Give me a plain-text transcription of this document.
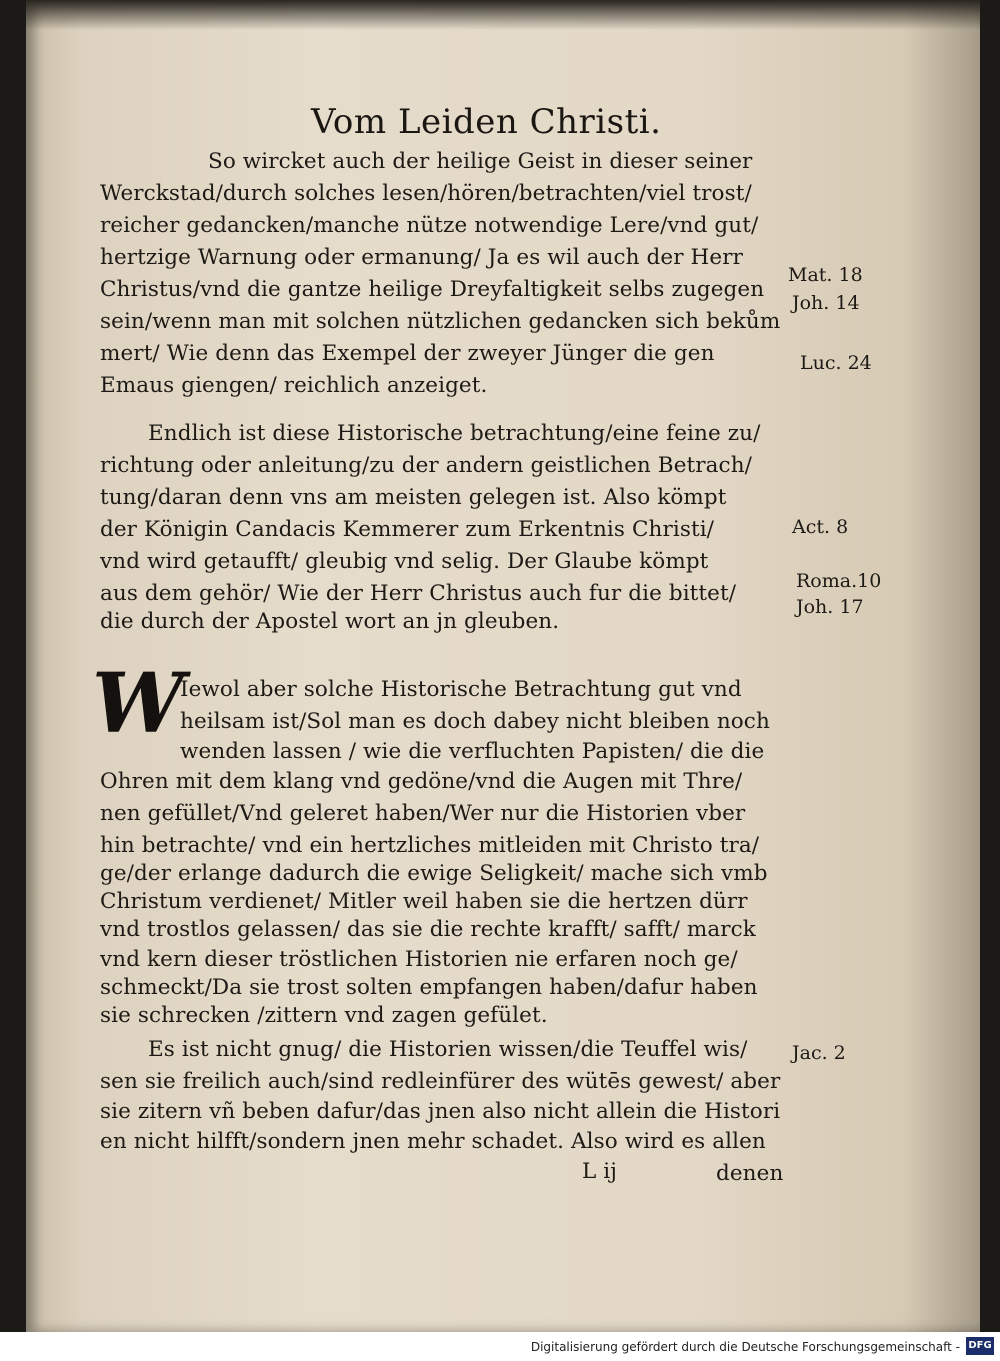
Vom Leiden Christi.
So wircket auch der heilige Geist in dieser seiner
Werckstad/durch solches lesen/hören/betrachten/viel trost/
reicher gedancken/manche nütze notwendige Lere/vnd gut/
hertzige Warnung oder ermanung/ Ja es wil auch der Herr
Christus/vnd die gantze heilige Dreyfaltigkeit selbs zugegen
sein/wenn man mit solchen nützlichen gedancken sich bekům
mert/ Wie denn das Exempel der zweyer Jünger die gen
Emaus giengen/ reichlich anzeiget.
Endlich ist diese Historische betrachtung/eine feine zu/
richtung oder anleitung/zu der andern geistlichen Betrach/
tung/daran denn vns am meisten gelegen ist. Also kömpt
der Königin Candacis Kemmerer zum Erkentnis Christi/
vnd wird getaufft/ gleubig vnd selig. Der Glaube kömpt
aus dem gehör/ Wie der Herr Christus auch fur die bittet/
die durch der Apostel wort an jn gleuben.
W
Iewol aber solche Historische Betrachtung gut vnd
heilsam ist/Sol man es doch dabey nicht bleiben noch
wenden lassen / wie die verfluchten Papisten/ die die
Ohren mit dem klang vnd gedöne/vnd die Augen mit Thre/
nen gefüllet/Vnd geleret haben/Wer nur die Historien vber
hin betrachte/ vnd ein hertzliches mitleiden mit Christo tra/
ge/der erlange dadurch die ewige Seligkeit/ mache sich vmb
Christum verdienet/ Mitler weil haben sie die hertzen dürr
vnd trostlos gelassen/ das sie die rechte krafft/ safft/ marck
vnd kern dieser tröstlichen Historien nie erfaren noch ge/
schmeckt/Da sie trost solten empfangen haben/dafur haben
sie schrecken /zittern vnd zagen gefület.
Es ist nicht gnug/ die Historien wissen/die Teuffel wis/
sen sie freilich auch/sind redleinfürer des wütēs gewest/ aber
sie zitern vñ beben dafur/das jnen also nicht allein die Histori
en nicht hilfft/sondern jnen mehr schadet. Also wird es allen
L ij	denen
Mat. 18
Joh. 14
Luc. 24
Act. 8
Roma.10
Joh. 17
Jac. 2
Digitalisierung gefördert durch die Deutsche Forschungsgemeinschaft - DFG
